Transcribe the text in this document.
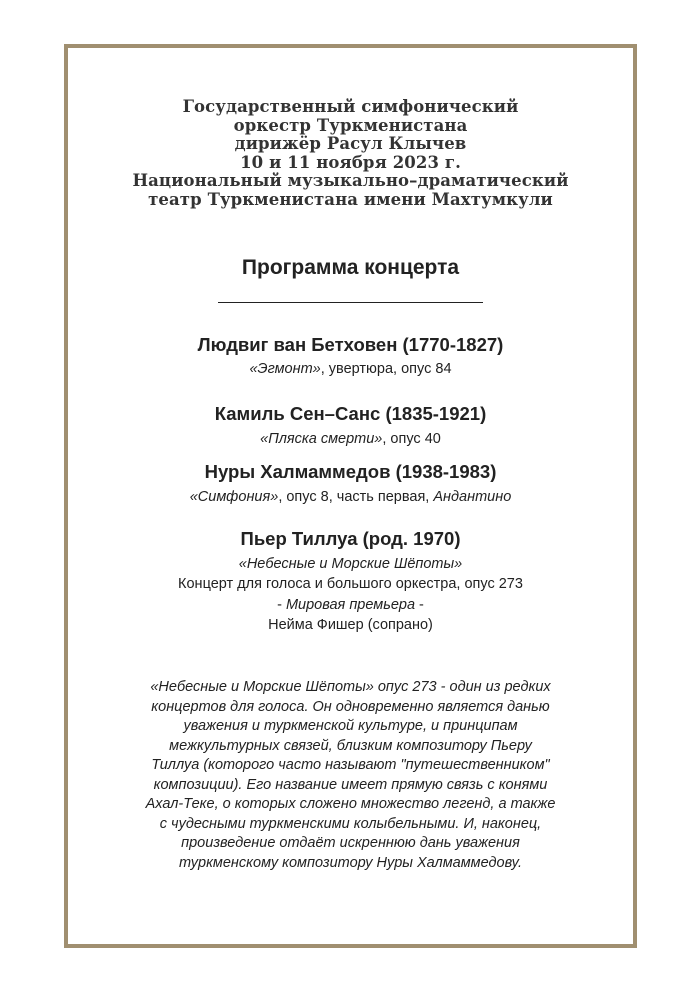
Государственный симфонический
оркестр Туркменистана
дирижёр Расул Клычев
10 и 11 ноября 2023 г.
Национальный музыкально–драматический
театр Туркменистана имени Махтумкули
Программа концерта
Людвиг ван Бетховен (1770-1827)
«Эгмонт», увертюра, опус 84
Камиль Сен–Санс (1835-1921)
«Пляска смерти», опус 40
Нуры Халмаммедов (1938-1983)
«Симфония», опус 8, часть первая, Андантино
Пьер Тиллуа (род. 1970)
«Небесные и Морские Шёпоты»
Концерт для голоса и большого оркестра, опус 273
- Мировая премьера -
Нейма Фишер (сопрано)
«Небесные и Морские Шёпоты» опус 273 - один из редких
концертов для голоса. Он одновременно является данью
уважения и туркменской культуре, и принципам
межкультурных связей, близким композитору Пьеру
Тиллуа (которого часто называют "путешественником"
композиции). Его название имеет прямую связь с конями
Ахал-Теке, о которых сложено множество легенд, а также
с чудесными туркменскими колыбельными. И, наконец,
произведение отдаёт искреннюю дань уважения
туркменскому композитору Нуры Халмаммедову.
